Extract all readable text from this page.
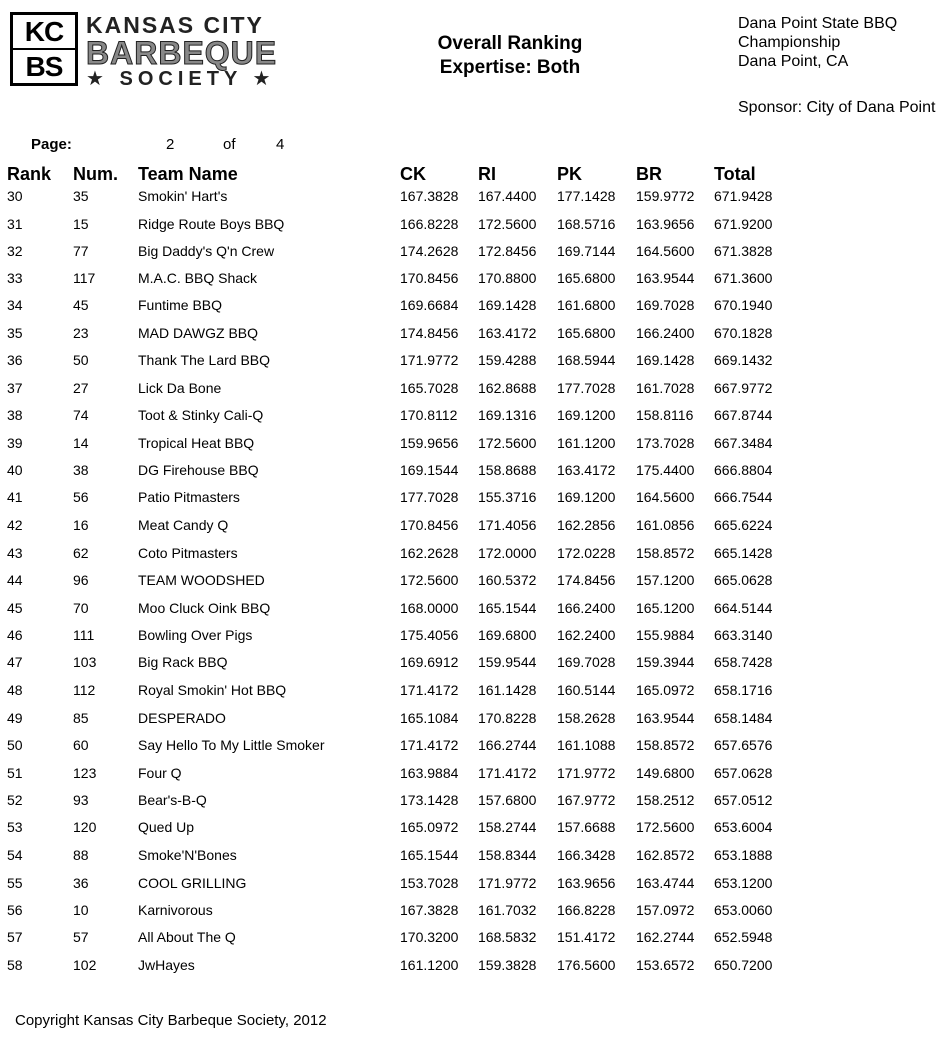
KC
BS
KANSAS CITY
BARBEQUE
★ SOCIETY ★
Overall Ranking
Expertise: Both
Dana Point State BBQ
Championship
Dana Point, CA
Sponsor: City of Dana Point
Page:	2	of	4
Rank Num. Team Name	CK	RI	PK	BR	Total
30	35	Smokin' Hart's	167.3828 167.4400 177.1428 159.9772 671.9428
31	15	Ridge Route Boys BBQ	166.8228 172.5600 168.5716 163.9656 671.9200
32	77	Big Daddy's Q'n Crew	174.2628 172.8456 169.7144 164.5600 671.3828
33	117	M.A.C. BBQ Shack	170.8456 170.8800 165.6800 163.9544 671.3600
34	45	Funtime BBQ	169.6684 169.1428 161.6800 169.7028 670.1940
35	23	MAD DAWGZ BBQ	174.8456 163.4172 165.6800 166.2400 670.1828
36	50	Thank The Lard BBQ	171.9772 159.4288 168.5944 169.1428 669.1432
37	27	Lick Da Bone	165.7028 162.8688 177.7028 161.7028 667.9772
38	74	Toot & Stinky Cali-Q	170.8112 169.1316 169.1200 158.8116 667.8744
39	14	Tropical Heat BBQ	159.9656 172.5600 161.1200 173.7028 667.3484
40	38	DG Firehouse BBQ	169.1544 158.8688 163.4172 175.4400 666.8804
41	56	Patio Pitmasters	177.7028 155.3716 169.1200 164.5600 666.7544
42	16	Meat Candy Q	170.8456 171.4056 162.2856 161.0856 665.6224
43	62	Coto Pitmasters	162.2628 172.0000 172.0228 158.8572 665.1428
44	96	TEAM WOODSHED	172.5600 160.5372 174.8456 157.1200 665.0628
45	70	Moo Cluck Oink BBQ	168.0000 165.1544 166.2400 165.1200 664.5144
46	111	Bowling Over Pigs	175.4056 169.6800 162.2400 155.9884 663.3140
47	103	Big Rack BBQ	169.6912 159.9544 169.7028 159.3944 658.7428
48	112	Royal Smokin' Hot BBQ	171.4172 161.1428 160.5144 165.0972 658.1716
49	85	DESPERADO	165.1084 170.8228 158.2628 163.9544 658.1484
50	60	Say Hello To My Little Smoker	171.4172 166.2744 161.1088 158.8572 657.6576
51	123	Four Q	163.9884 171.4172 171.9772 149.6800 657.0628
52	93	Bear's-B-Q	173.1428 157.6800 167.9772 158.2512 657.0512
53	120	Qued Up	165.0972 158.2744 157.6688 172.5600 653.6004
54	88	Smoke'N'Bones	165.1544 158.8344 166.3428 162.8572 653.1888
55	36	COOL GRILLING	153.7028 171.9772 163.9656 163.4744 653.1200
56	10	Karnivorous	167.3828 161.7032 166.8228 157.0972 653.0060
57	57	All About The Q	170.3200 168.5832 151.4172 162.2744 652.5948
58	102	JwHayes	161.1200 159.3828 176.5600 153.6572 650.7200
Copyright Kansas City Barbeque Society, 2012
